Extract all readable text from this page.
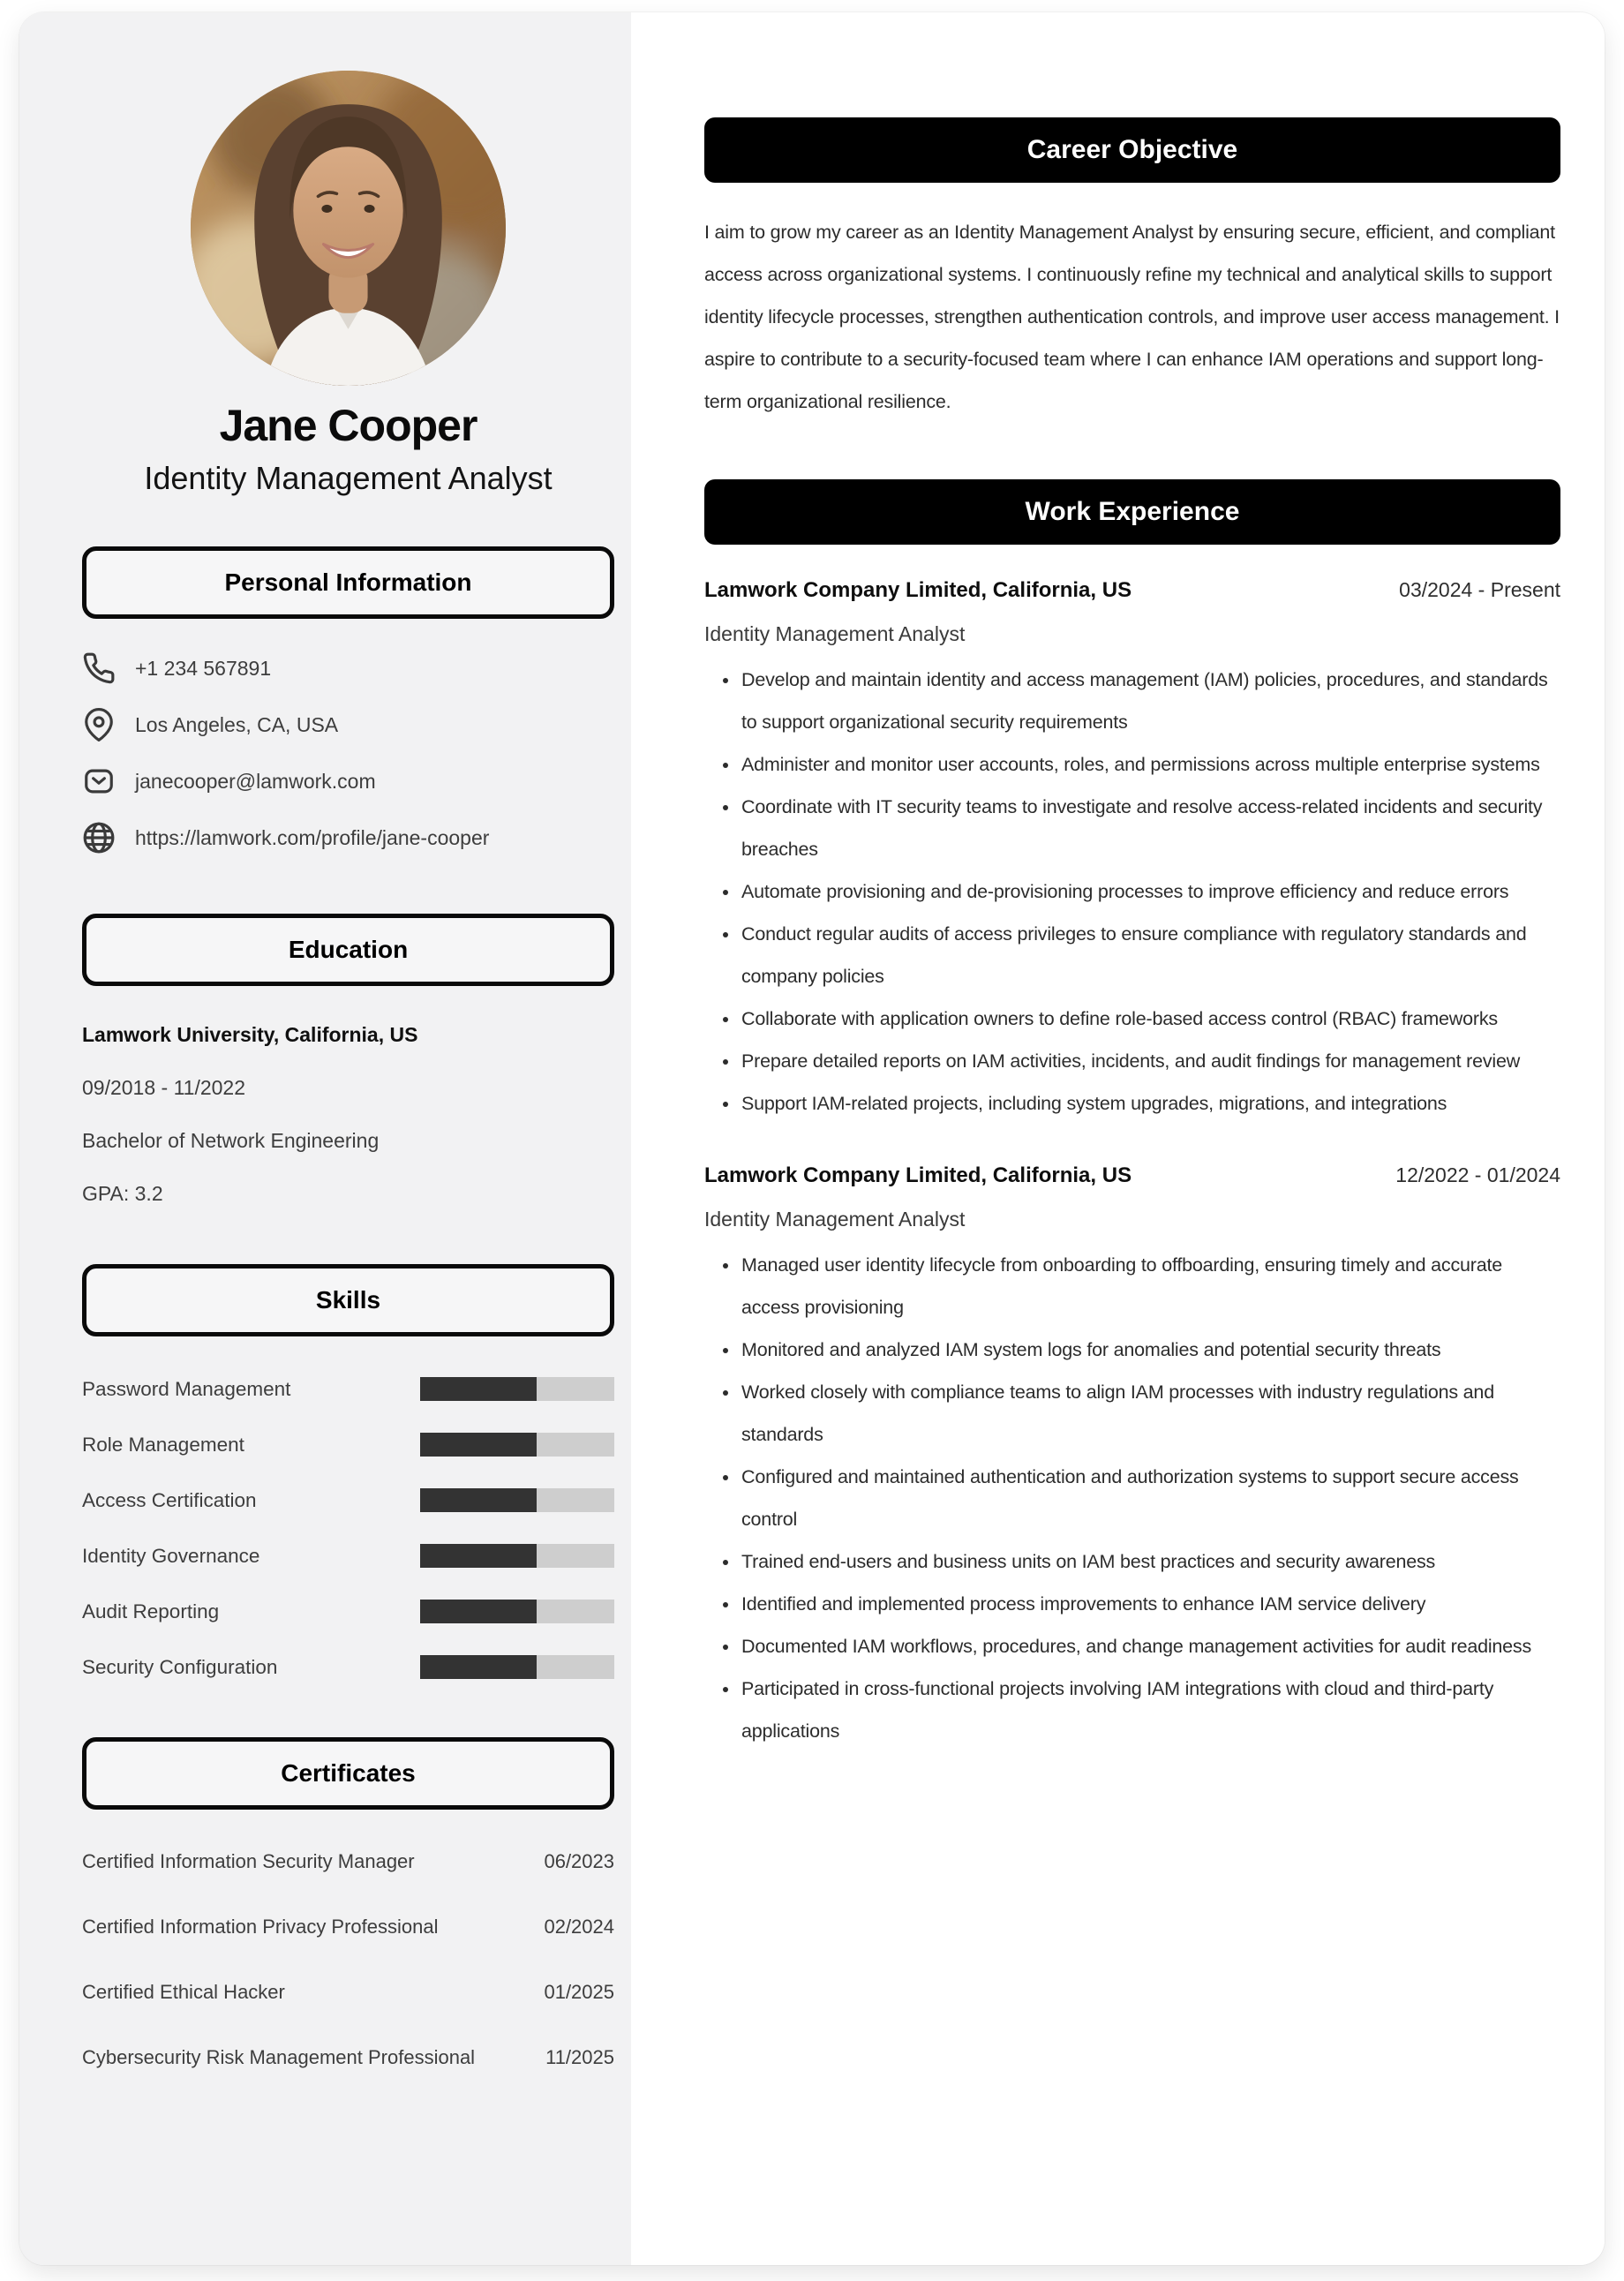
Jane Cooper
Identity Management Analyst
Personal Information
+1 234 567891
Los Angeles, CA, USA
janecooper@lamwork.com
https://lamwork.com/profile/jane-cooper
Education
Lamwork University, California, US
09/2018 - 11/2022
Bachelor of Network Engineering
GPA: 3.2
Skills
Password Management
Role Management
Access Certification
Identity Governance
Audit Reporting
Security Configuration
Certificates
Certified Information Security Manager	06/2023
Certified Information Privacy Professional	02/2024
Certified Ethical Hacker	01/2025
Cybersecurity Risk Management Professional	11/2025
Career Objective

I aim to grow my career as an Identity Management Analyst by ensuring secure, efficient, and compliant access across organizational systems. I continuously refine my technical and analytical skills to support identity lifecycle processes, strengthen authentication controls, and improve user access management. I aspire to contribute to a security-focused team where I can enhance IAM operations and support long-term organizational resilience.

Work Experience
Lamwork Company Limited, California, US	03/2024 - Present
Identity Management Analyst
• Develop and maintain identity and access management (IAM) policies, procedures, and standards to support organizational security requirements
• Administer and monitor user accounts, roles, and permissions across multiple enterprise systems
• Coordinate with IT security teams to investigate and resolve access-related incidents and security breaches
• Automate provisioning and de-provisioning processes to improve efficiency and reduce errors
• Conduct regular audits of access privileges to ensure compliance with regulatory standards and company policies
• Collaborate with application owners to define role-based access control (RBAC) frameworks
• Prepare detailed reports on IAM activities, incidents, and audit findings for management review
• Support IAM-related projects, including system upgrades, migrations, and integrations
Lamwork Company Limited, California, US	12/2022 - 01/2024
Identity Management Analyst
• Managed user identity lifecycle from onboarding to offboarding, ensuring timely and accurate access provisioning
• Monitored and analyzed IAM system logs for anomalies and potential security threats
• Worked closely with compliance teams to align IAM processes with industry regulations and standards
• Configured and maintained authentication and authorization systems to support secure access control
• Trained end-users and business units on IAM best practices and security awareness
• Identified and implemented process improvements to enhance IAM service delivery
• Documented IAM workflows, procedures, and change management activities for audit readiness
• Participated in cross-functional projects involving IAM integrations with cloud and third-party applications
